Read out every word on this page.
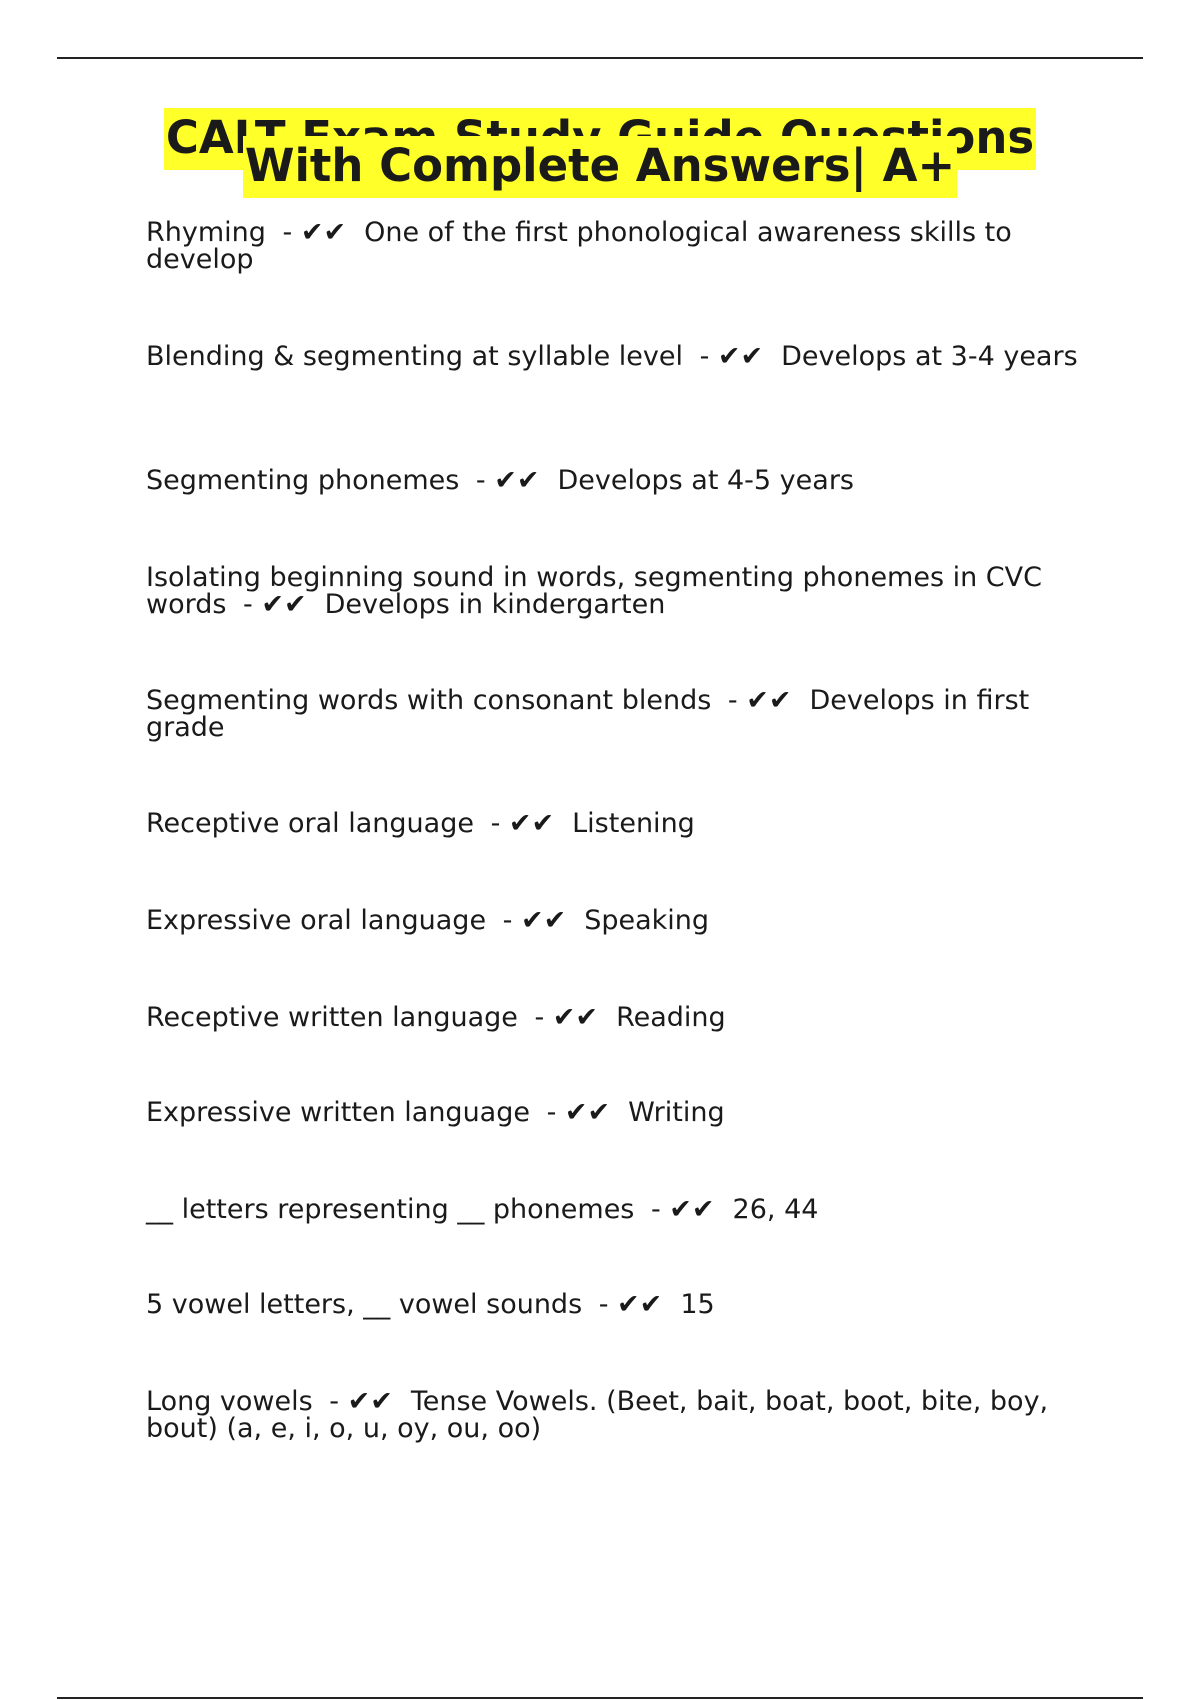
CALT Exam Study Guide Questions With Complete Answers| A+
Rhyming - ✔✔ One of the first phonological awareness skills to develop
Blending & segmenting at syllable level - ✔✔ Develops at 3-4 years
Segmenting phonemes - ✔✔ Develops at 4-5 years
Isolating beginning sound in words, segmenting phonemes in CVC words - ✔✔ Develops in kindergarten
Segmenting words with consonant blends - ✔✔ Develops in first grade
Receptive oral language - ✔✔ Listening
Expressive oral language - ✔✔ Speaking
Receptive written language - ✔✔ Reading
Expressive written language - ✔✔ Writing
__ letters representing __ phonemes - ✔✔ 26, 44
5 vowel letters, __ vowel sounds - ✔✔ 15
Long vowels - ✔✔ Tense Vowels. (Beet, bait, boat, boot, bite, boy, bout) (a, e, i, o, u, oy, ou, oo)
